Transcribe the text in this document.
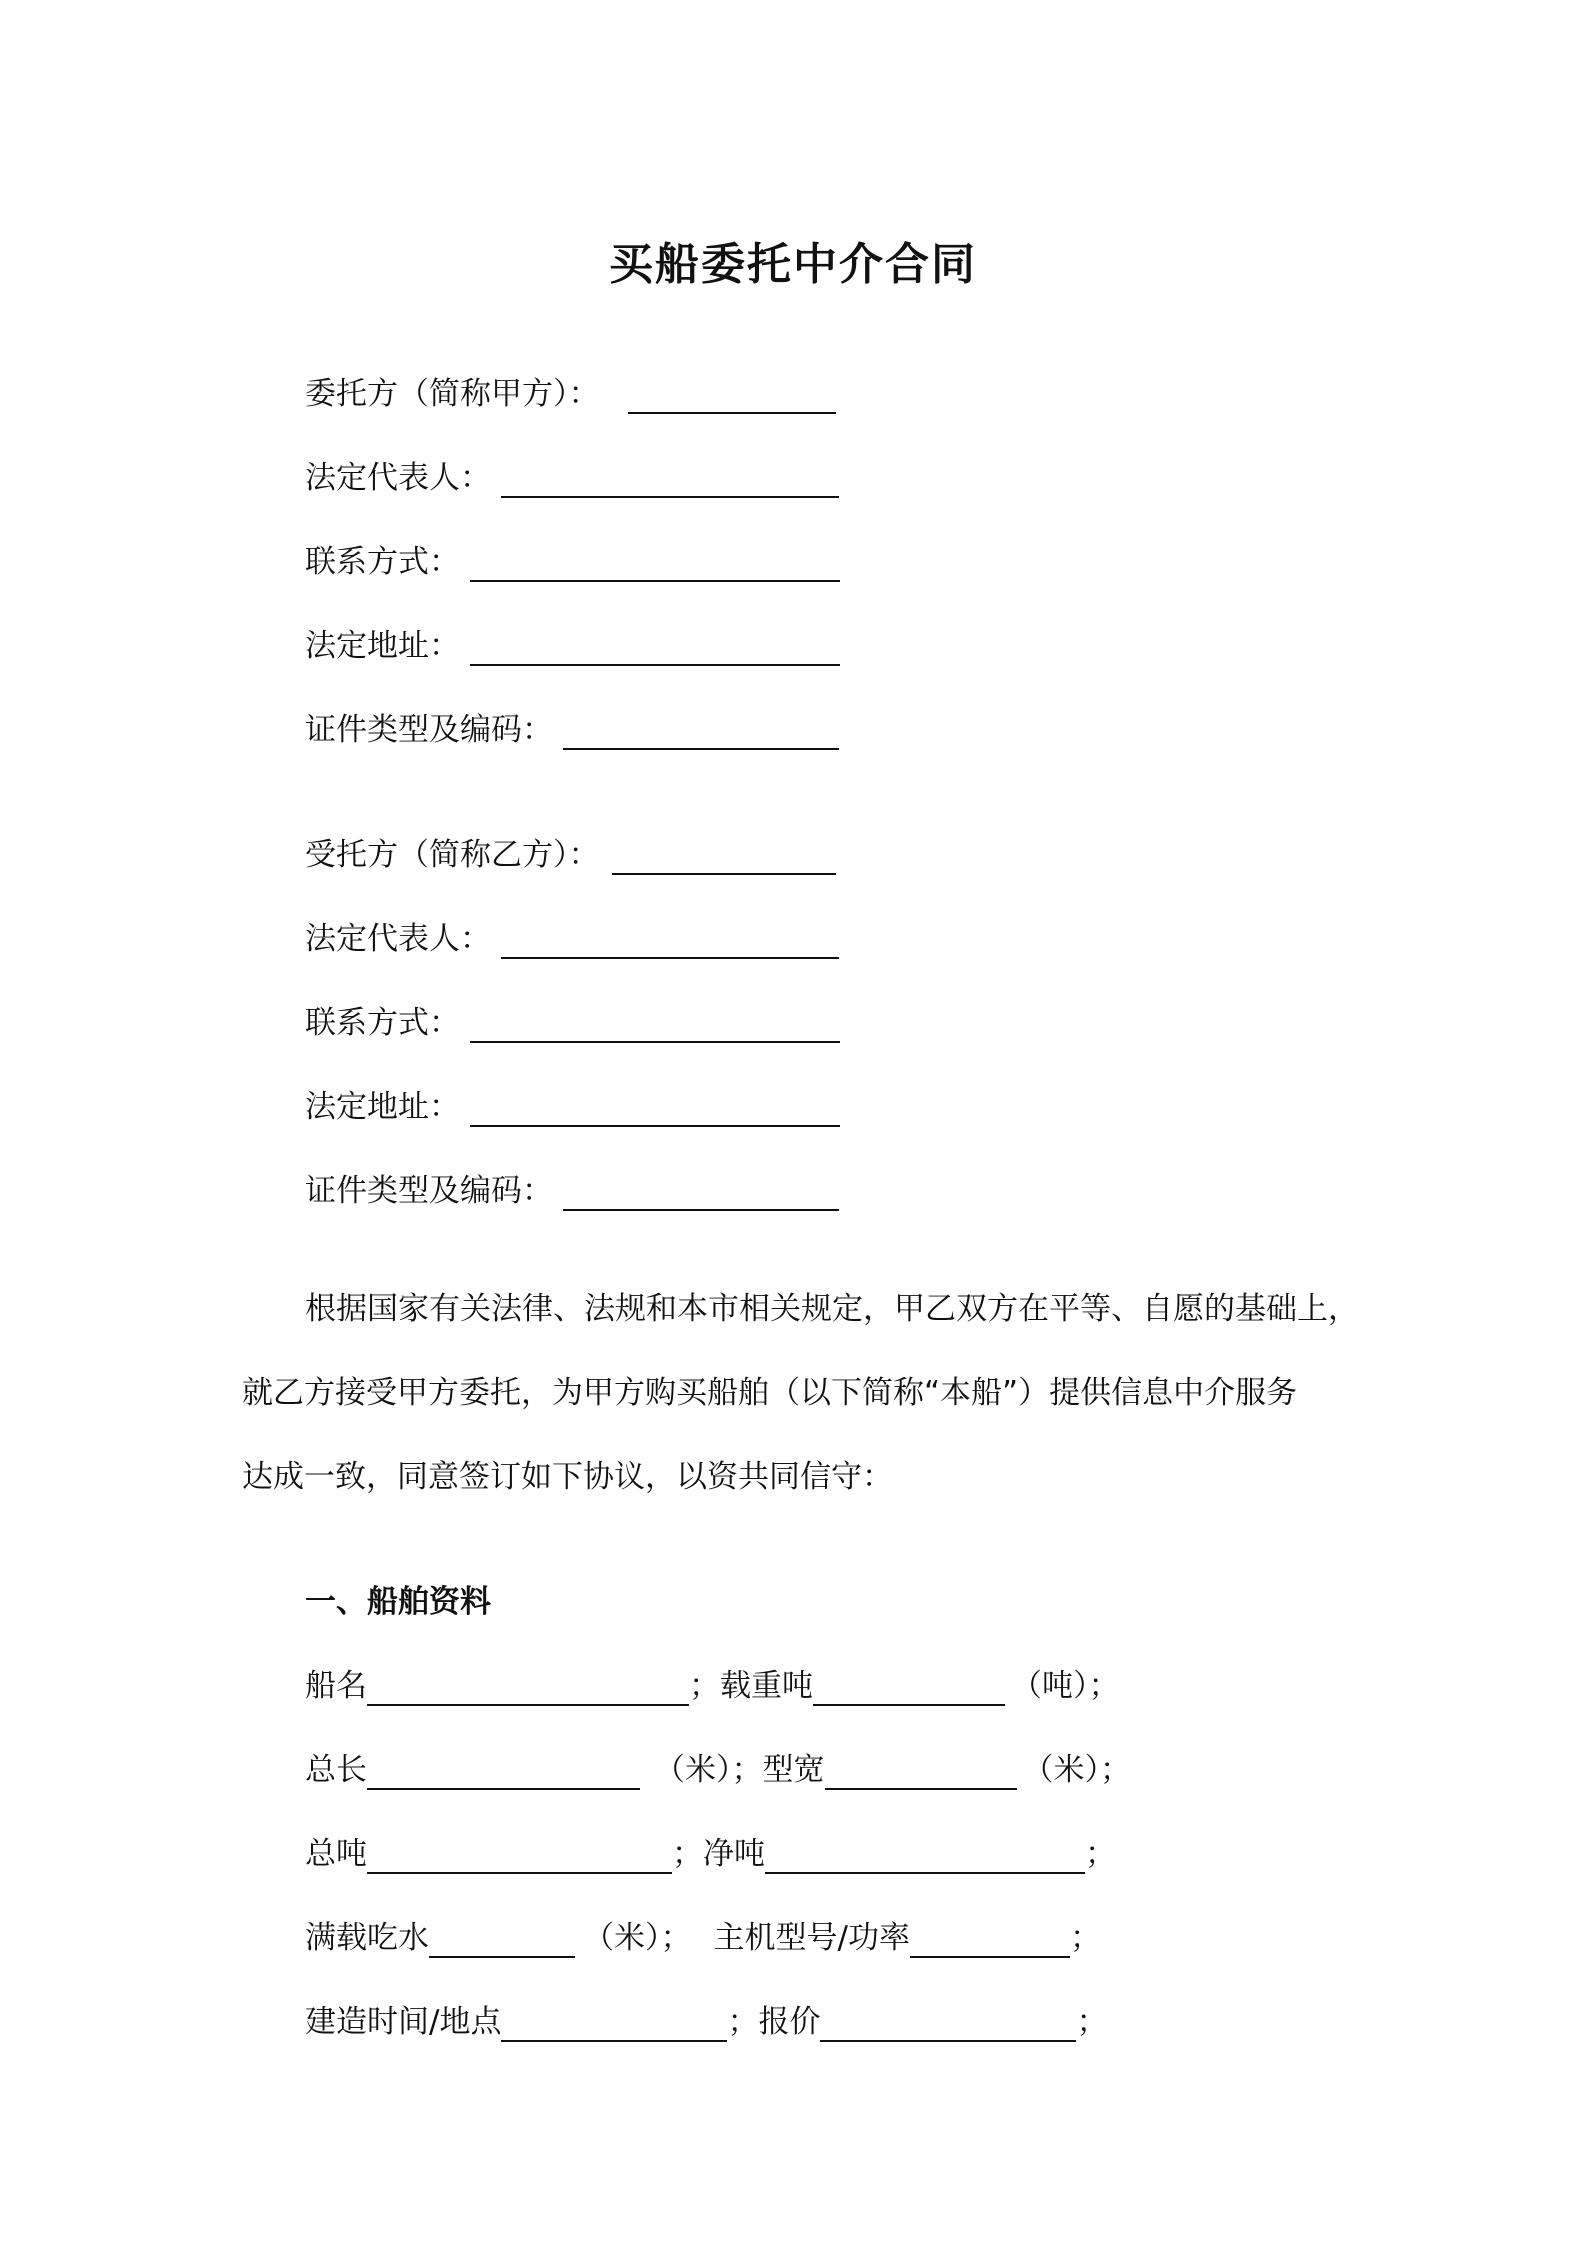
买船委托中介合同
委托方（简称甲方）：
法定代表人：
联系方式：
法定地址：
证件类型及编码：
受托方（简称乙方）：
法定代表人：
联系方式：
法定地址：
证件类型及编码：
根据国家有关法律、法规和本市相关规定，甲乙双方在平等、自愿的基础上，
就乙方接受甲方委托，为甲方购买船舶（以下简称“本船”）提供信息中介服务
达成一致，同意签订如下协议，以资共同信守：
一、船舶资料
船名	； 载重吨	（吨）；
总长	（米）； 型宽	（米）；
总吨	； 净吨	；
满载吃水	（米）； 主机型号/功率	；
建造时间/地点	； 报价	；
